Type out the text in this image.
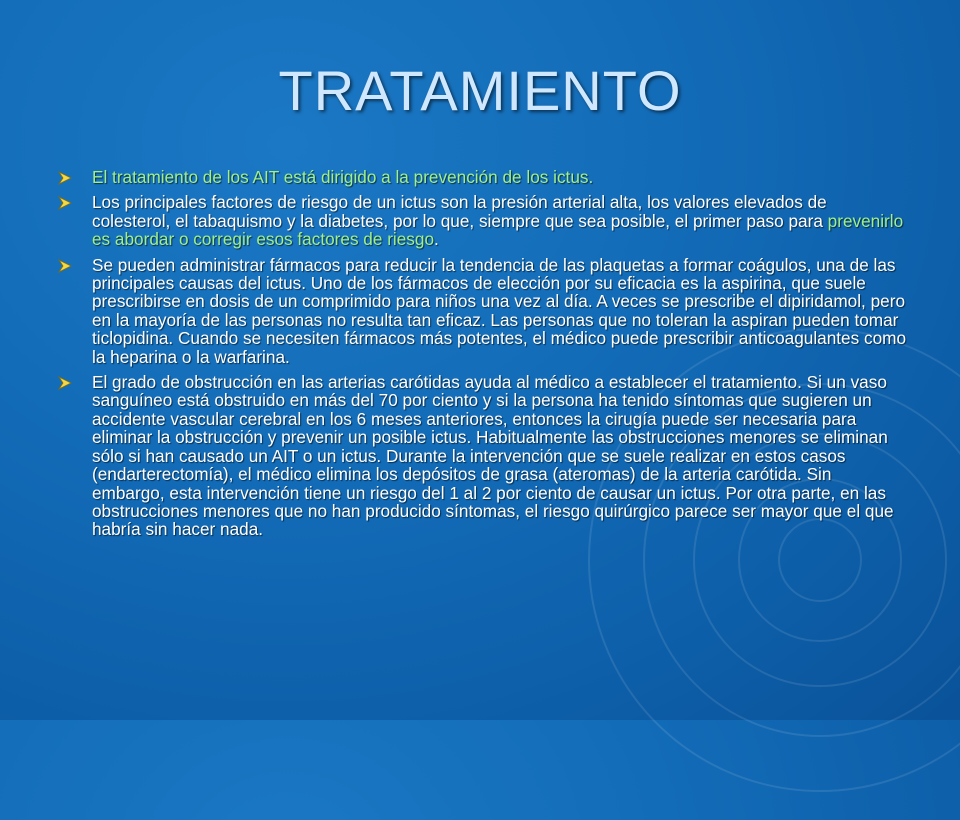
TRATAMIENTO
El tratamiento de los AIT está dirigido a la prevención de los ictus.
Los principales factores de riesgo de un ictus son la presión arterial alta, los valores elevados de colesterol, el tabaquismo y la diabetes, por lo que, siempre que sea posible, el primer paso para prevenirlo es abordar o corregir esos factores de riesgo.
Se pueden administrar fármacos para reducir la tendencia de las plaquetas a formar coágulos, una de las principales causas del ictus. Uno de los fármacos de elección por su eficacia es la aspirina, que suele prescribirse en dosis de un comprimido para niños una vez al día. A veces se prescribe el dipiridamol, pero en la mayoría de las personas no resulta tan eficaz. Las personas que no toleran la aspiran pueden tomar ticlopidina. Cuando se necesiten fármacos más potentes, el médico puede prescribir anticoagulantes como la heparina o la warfarina.
El grado de obstrucción en las arterias carótidas ayuda al médico a establecer el tratamiento. Si un vaso sanguíneo está obstruido en más del 70 por ciento y si la persona ha tenido síntomas que sugieren un accidente vascular cerebral en los 6 meses anteriores, entonces la cirugía puede ser necesaria para eliminar la obstrucción y prevenir un posible ictus. Habitualmente las obstrucciones menores se eliminan sólo si han causado un AIT o un ictus. Durante la intervención que se suele realizar en estos casos (endarterectomía), el médico elimina los depósitos de grasa (ateromas) de la arteria carótida. Sin embargo, esta intervención tiene un riesgo del 1 al 2 por ciento de causar un ictus. Por otra parte, en las obstrucciones menores que no han producido síntomas, el riesgo quirúrgico parece ser mayor que el que habría sin hacer nada.
